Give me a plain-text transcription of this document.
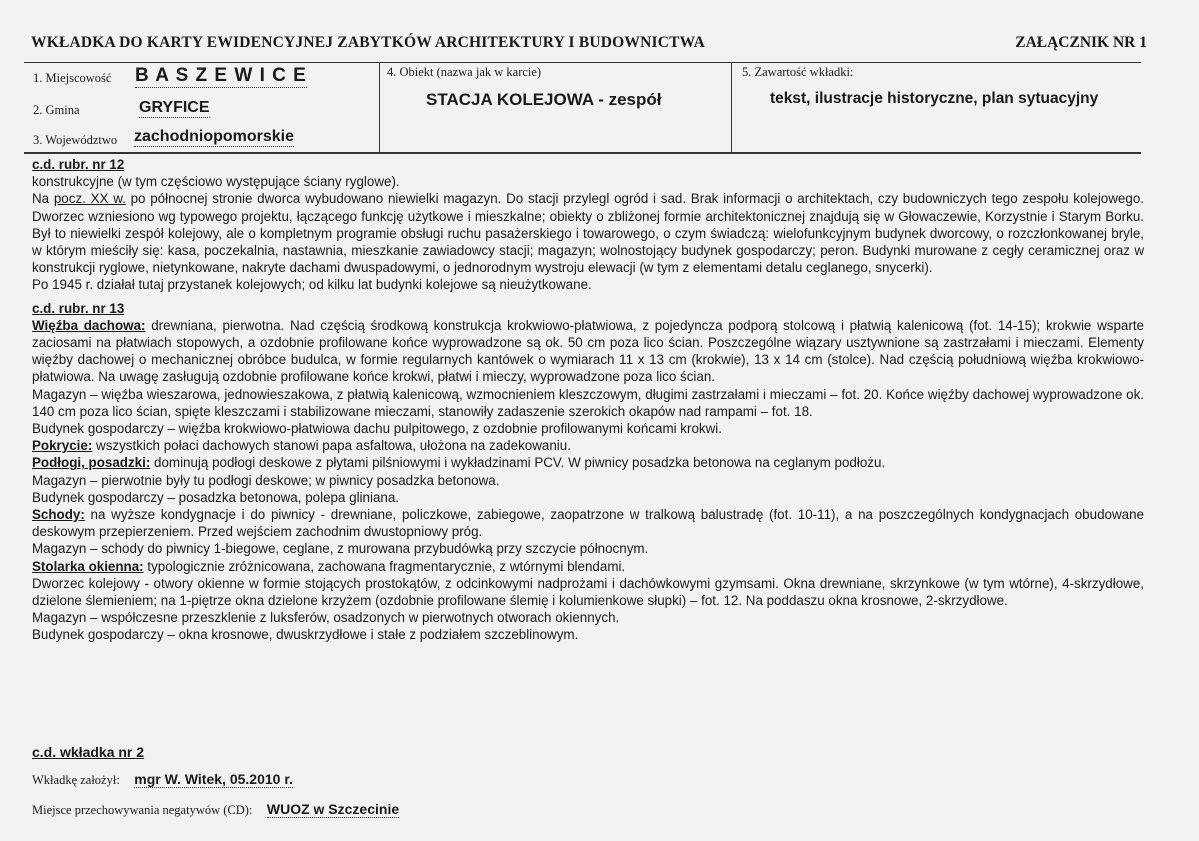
WKŁADKA DO KARTY EWIDENCYJNEJ ZABYTKÓW ARCHITEKTURY I BUDOWNICTWA	ZAŁĄCZNIK NR 1
1. Miejscowość B A S Z E W I C E
2. Gmina	GRYFICE
3. Województwo zachodniopomorskie
4. Obiekt (nazwa jak w karcie)
STACJA KOLEJOWA - zespół
5. Zawartość wkładki:
tekst, ilustracje historyczne, plan sytuacyjny

c.d. rubr. nr 12

konstrukcyjne (w tym częściowo występujące ściany ryglowe).

Na pocz. XX w. po północnej stronie dworca wybudowano niewielki magazyn. Do stacji przylegl ogród i sad. Brak informacji o architektach, czy budowniczych tego zespołu kolejowego. Dworzec wzniesiono wg typowego projektu, łączącego funkcję użytkowe i mieszkalne; obiekty o zbliżonej formie architektonicznej znajdują się w Głowaczewie, Korzystnie i Starym Borku. Był to niewielki zespół kolejowy, ale o kompletnym programie obsługi ruchu pasażerskiego i towarowego, o czym świadczą: wielofunkcyjnym budynek dworcowy, o rozczłonkowanej bryle, w którym mieściły się: kasa, poczekalnia, nastawnia, mieszkanie zawiadowcy stacji; magazyn; wolnostojący budynek gospodarczy; peron. Budynki murowane z cegły ceramicznej oraz w konstrukcji ryglowe, nietynkowane, nakryte dachami dwuspadowymi, o jednorodnym wystroju elewacji (w tym z elementami detalu ceglanego, snycerki).

Po 1945 r. działał tutaj przystanek kolejowych; od kilku lat budynki kolejowe są nieużytkowane.

c.d. rubr. nr 13

Więźba dachowa: drewniana, pierwotna. Nad częścią środkową konstrukcja krokwiowo-płatwiowa, z pojedyncza podporą stolcową i płatwią kalenicową (fot. 14-15); krokwie wsparte zaciosami na płatwiach stopowych, a ozdobnie profilowane końce wyprowadzone są ok. 50 cm poza lico ścian. Poszczególne wiązary usztywnione są zastrzałami i mieczami. Elementy więźby dachowej o mechanicznej obróbce budulca, w formie regularnych kantówek o wymiarach 11 x 13 cm (krokwie), 13 x 14 cm (stolce). Nad częścią południową więźba krokwiowo-płatwiowa. Na uwagę zasługują ozdobnie profilowane końce krokwi, płatwi i mieczy, wyprowadzone poza lico ścian.

Magazyn – więźba wieszarowa, jednowieszakowa, z płatwią kalenicową, wzmocnieniem kleszczowym, długimi zastrzałami i mieczami – fot. 20. Końce więźby dachowej wyprowadzone ok. 140 cm poza lico ścian, spięte kleszczami i stabilizowane mieczami, stanowiły zadaszenie szerokich okapów nad rampami – fot. 18.

Budynek gospodarczy – więźba krokwiowo-płatwiowa dachu pulpitowego, z ozdobnie profilowanymi końcami krokwi.

Pokrycie: wszystkich połaci dachowych stanowi papa asfaltowa, ułożona na zadekowaniu.

Podłogi, posadzki: dominują podłogi deskowe z płytami pilśniowymi i wykładzinami PCV. W piwnicy posadzka betonowa na ceglanym podłożu.

Magazyn – pierwotnie były tu podłogi deskowe; w piwnicy posadzka betonowa.

Budynek gospodarczy – posadzka betonowa, polepa gliniana.

Schody: na wyższe kondygnacje i do piwnicy - drewniane, policzkowe, zabiegowe, zaopatrzone w tralkową balustradę (fot. 10-11), a na poszczególnych kondygnacjach obudowane deskowym przepierzeniem. Przed wejściem zachodnim dwustopniowy próg.

Magazyn – schody do piwnicy 1-biegowe, ceglane, z murowana przybudówką przy szczycie północnym.

Stolarka okienna: typologicznie zróżnicowana, zachowana fragmentarycznie, z wtórnymi blendami.

Dworzec kolejowy - otwory okienne w formie stojących prostokątów, z odcinkowymi nadprożami i dachówkowymi gzymsami. Okna drewniane, skrzynkowe (w tym wtórne), 4-skrzydłowe, dzielone ślemieniem; na 1-piętrze okna dzielone krzyżem (ozdobnie profilowane ślemię i kolumienkowe słupki) – fot. 12. Na poddaszu okna krosnowe, 2-skrzydłowe.

Magazyn – współczesne przeszklenie z luksferów, osadzonych w pierwotnych otworach okiennych.

Budynek gospodarczy – okna krosnowe, dwuskrzydłowe i stałe z podziałem szczeblinowym.

c.d. wkładka nr 2
Wkładkę założył: mgr W. Witek, 05.2010 r.
Miejsce przechowywania negatywów (CD): WUOZ w Szczecinie
